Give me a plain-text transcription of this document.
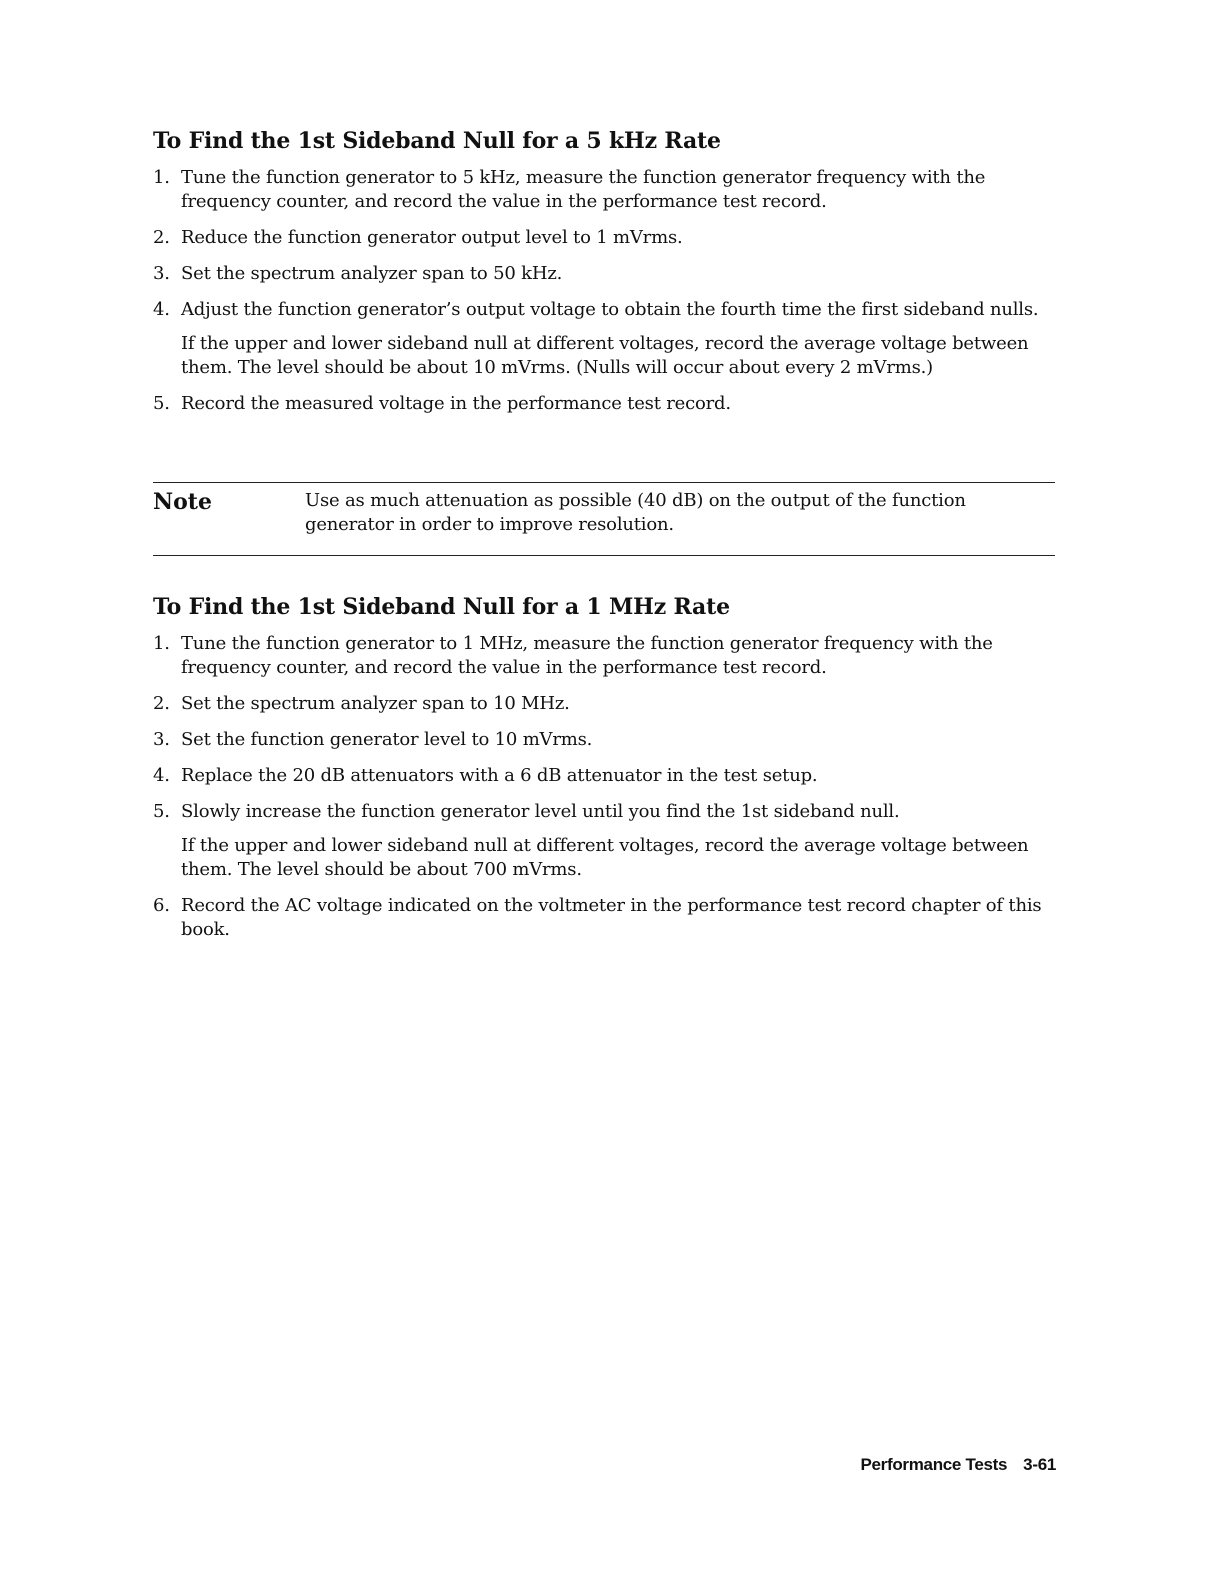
To Find the 1st Sideband Null for a 5 kHz Rate
1. Tune the function generator to 5 kHz, measure the function generator frequency with the frequency counter, and record the value in the performance test record.
2. Reduce the function generator output level to 1 mVrms.
3. Set the spectrum analyzer span to 50 kHz.
4. Adjust the function generator’s output voltage to obtain the fourth time the first sideband nulls.
If the upper and lower sideband null at different voltages, record the average voltage between them. The level should be about 10 mVrms. (Nulls will occur about every 2 mVrms.)
5. Record the measured voltage in the performance test record.
Note	Use as much attenuation as possible (40 dB) on the output of the function generator in order to improve resolution.
To Find the 1st Sideband Null for a 1 MHz Rate
1. Tune the function generator to 1 MHz, measure the function generator frequency with the frequency counter, and record the value in the performance test record.
2. Set the spectrum analyzer span to 10 MHz.
3. Set the function generator level to 10 mVrms.
4. Replace the 20 dB attenuators with a 6 dB attenuator in the test setup.
5. Slowly increase the function generator level until you find the 1st sideband null.
If the upper and lower sideband null at different voltages, record the average voltage between them. The level should be about 700 mVrms.
6. Record the AC voltage indicated on the voltmeter in the performance test record chapter of this book.
Performance Tests 3-61
